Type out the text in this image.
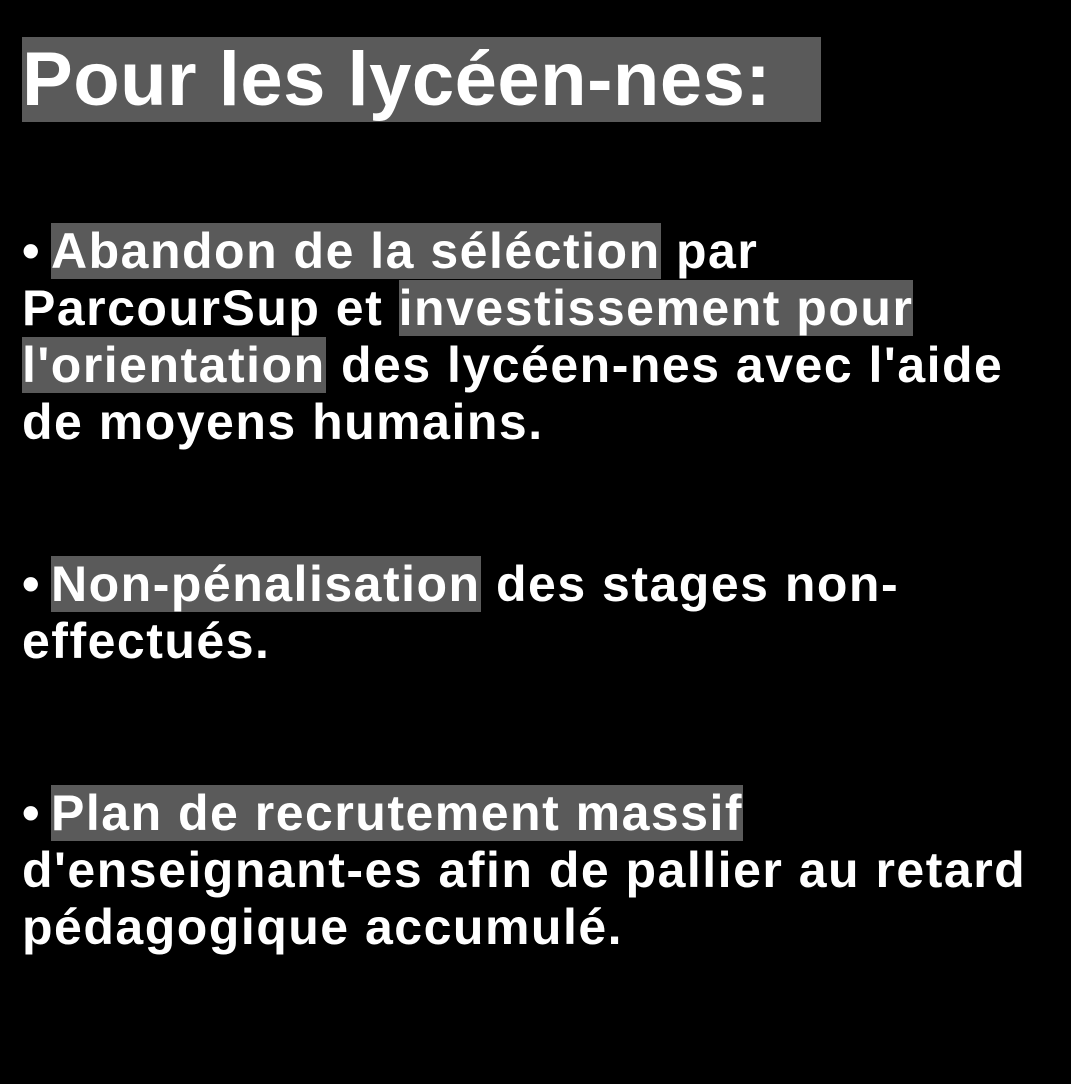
Pour les lycéen-nes:

• Abandon de la séléction par ParcourSup et investissement pour l'orientation des lycéen-nes avec l'aide de moyens humains.

• Non-pénalisation des stages non-effectués.

• Plan de recrutement massif d'enseignant-es afin de pallier au retard pédagogique accumulé.
